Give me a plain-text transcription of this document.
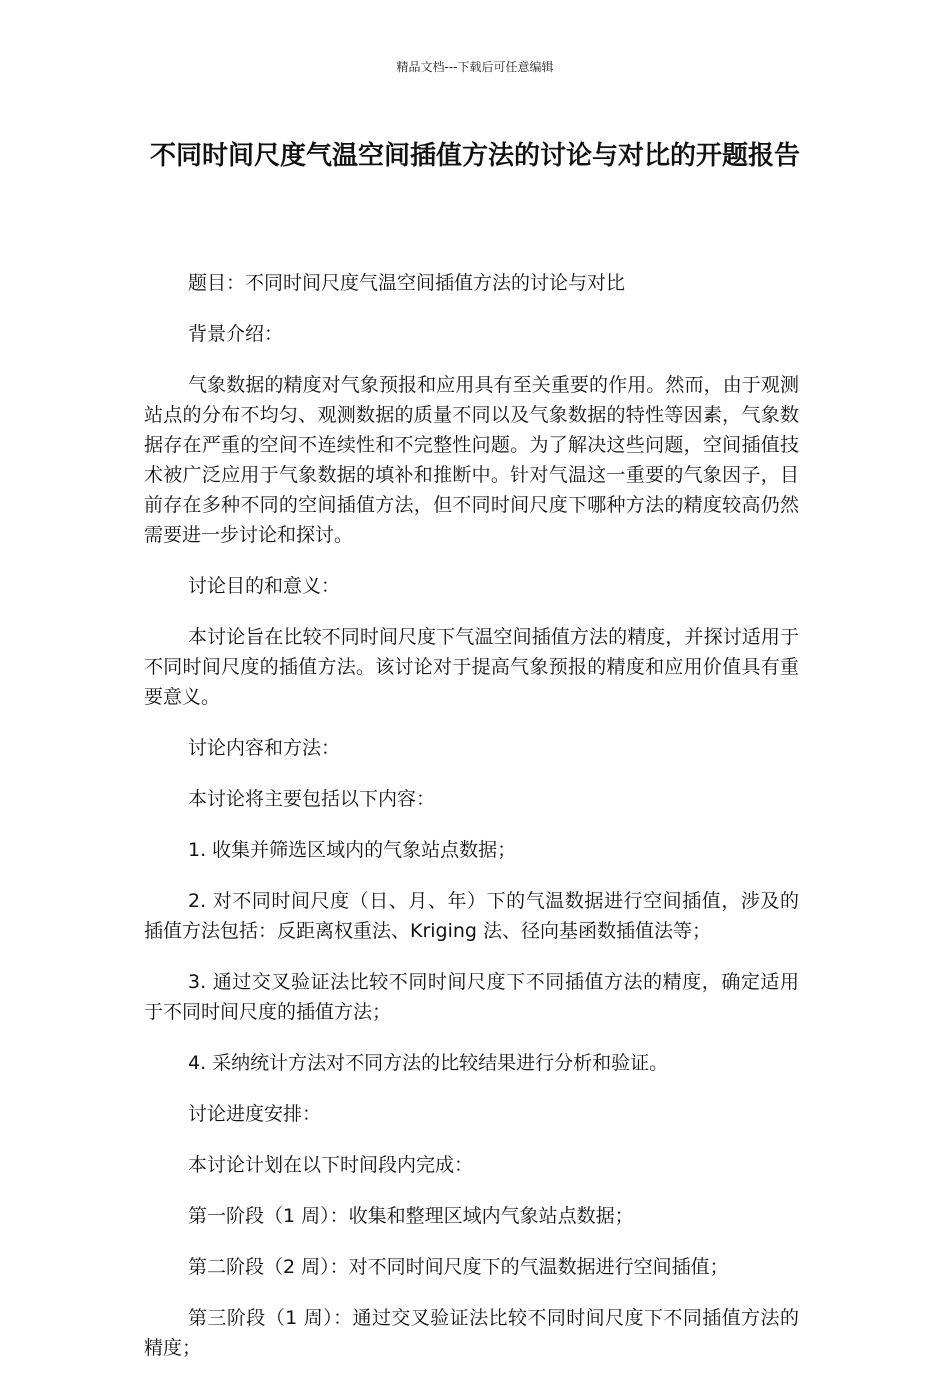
精品文档---下载后可任意编辑
不同时间尺度气温空间插值方法的讨论与对比的开题报告

题目：不同时间尺度气温空间插值方法的讨论与对比

背景介绍：

气象数据的精度对气象预报和应用具有至关重要的作用。然而，由于观测站点的分布不均匀、观测数据的质量不同以及气象数据的特性等因素，气象数据存在严重的空间不连续性和不完整性问题。为了解决这些问题，空间插值技术被广泛应用于气象数据的填补和推断中。针对气温这一重要的气象因子，目前存在多种不同的空间插值方法，但不同时间尺度下哪种方法的精度较高仍然需要进一步讨论和探讨。

讨论目的和意义：

本讨论旨在比较不同时间尺度下气温空间插值方法的精度，并探讨适用于不同时间尺度的插值方法。该讨论对于提高气象预报的精度和应用价值具有重要意义。

讨论内容和方法：

本讨论将主要包括以下内容：

1. 收集并筛选区域内的气象站点数据；

2. 对不同时间尺度（日、月、年）下的气温数据进行空间插值，涉及的插值方法包括：反距离权重法、Kriging 法、径向基函数插值法等；

3. 通过交叉验证法比较不同时间尺度下不同插值方法的精度，确定适用于不同时间尺度的插值方法；

4. 采纳统计方法对不同方法的比较结果进行分析和验证。

讨论进度安排：

本讨论计划在以下时间段内完成：

第一阶段（1 周）：收集和整理区域内气象站点数据；

第二阶段（2 周）：对不同时间尺度下的气温数据进行空间插值；

第三阶段（1 周）：通过交叉验证法比较不同时间尺度下不同插值方法的精度；
